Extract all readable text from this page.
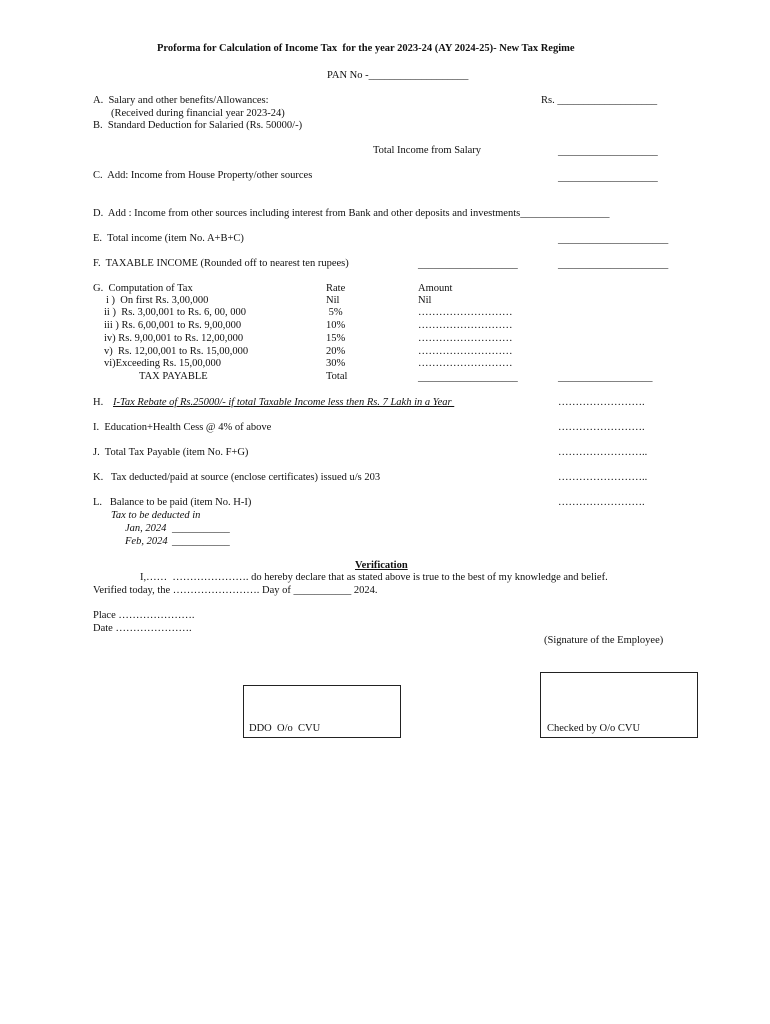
Proforma for Calculation of Income Tax  for the year 2023-24 (AY 2024-25)- New Tax Regime
PAN No -___________________
A.  Salary and other benefits/Allowances:	Rs. ___________________
(Received during financial year 2023-24)
B.  Standard Deduction for Salaried (Rs. 50000/-)
Total Income from Salary	___________________
C.  Add: Income from House Property/other sources	___________________
D.  Add : Income from other sources including interest from Bank and other deposits and investments_________________
E.  Total income (item No. A+B+C)	_____________________
F.  TAXABLE INCOME (Rounded off to nearest ten rupees)	___________________	_____________________
G.  Computation of Tax	Rate	Amount
i )  On first Rs. 3,00,000	Nil	Nil
ii )  Rs. 3,00,001 to Rs. 6, 00, 000	5%	………………………
iii ) Rs. 6,00,001 to Rs. 9,00,000	10%	………………………
iv) Rs. 9,00,001 to Rs. 12,00,000	15%	………………………
v)  Rs. 12,00,001 to Rs. 15,00,000	20%	………………………
vi)Exceeding Rs. 15,00,000	30%	………………………
TAX PAYABLE	Total	___________________	__________________
H. I-Tax Rebate of Rs.25000/- if total Taxable Income less then Rs. 7 Lakh in a Year	…………………….
I.  Education+Health Cess @ 4% of above	…………………….
J.  Total Tax Payable (item No. F+G)	……………………..
K.   Tax deducted/paid at source (enclose certificates) issued u/s 203	……………………..
L.   Balance to be paid (item No. H-I)	…………………….
Tax to be deducted in
Jan, 2024 ___________
Feb, 2024 ___________
Verification
I,……  …………………. do hereby declare that as stated above is true to the best of my knowledge and belief.
Verified today, the ……………………. Day of ___________ 2024.
Place ………………….
Date ………………….
(Signature of the Employee)
DDO  O/o  CVU	Checked by O/o CVU
